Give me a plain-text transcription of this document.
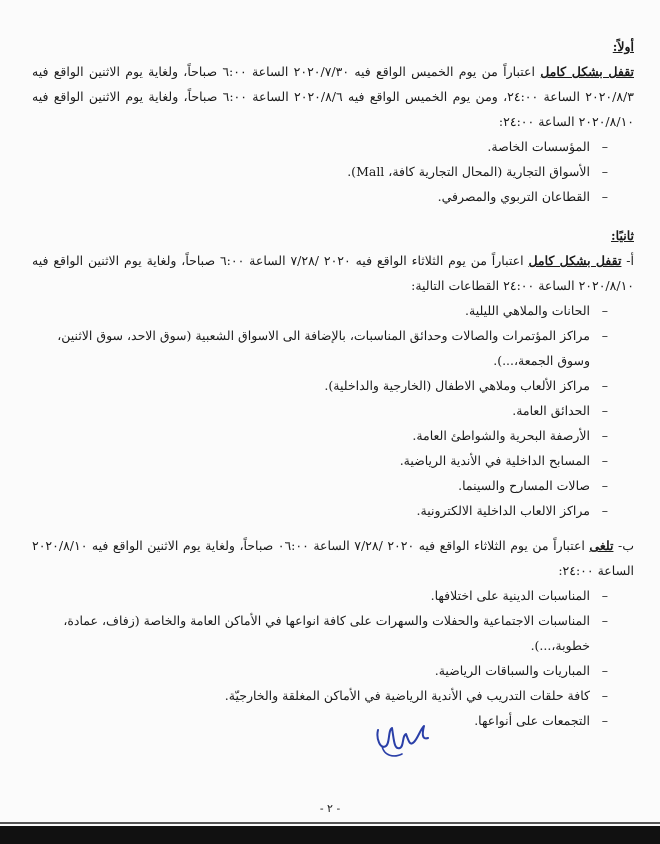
أولاً:
تقفل بشكل كامل اعتباراً من يوم الخميس الواقع فيه ٢٠٢٠/٧/٣٠ الساعة ٦:٠٠ صباحاً، ولغاية يوم الاثنين الواقع فيه ٢٠٢٠/٨/٣ الساعة ٢٤:٠٠، ومن يوم الخميس الواقع فيه ٢٠٢٠/٨/٦ الساعة ٦:٠٠ صباحاً، ولغاية يوم الاثنين الواقع فيه ٢٠٢٠/٨/١٠ الساعة ٢٤:٠٠:
– المؤسسات الخاصة.
– الأسواق التجارية (المحال التجارية كافة، Mall).
– القطاعان التربوي والمصرفي.
ثانيًا:
أ- تقفل بشكل كامل اعتباراً من يوم الثلاثاء الواقع فيه ٢٠٢٠ /٧/٢٨ الساعة ٦:٠٠ صباحاً، ولغاية يوم الاثنين الواقع فيه ٢٠٢٠/٨/١٠ الساعة ٢٤:٠٠ القطاعات التالية:
– الحانات والملاهي الليلية.
– مراكز المؤتمرات والصالات وحدائق المناسبات، بالإضافة الى الاسواق الشعبية (سوق الاحد، سوق الاثنين، وسوق الجمعة،...).
– مراكز الألعاب وملاهي الاطفال (الخارجية والداخلية).
– الحدائق العامة.
– الأرصفة البحرية والشواطئ العامة.
– المسابح الداخلية في الأندية الرياضية.
– صالات المسارح والسينما.
– مراكز الالعاب الداخلية الالكترونية.
ب- تلغى اعتباراً من يوم الثلاثاء الواقع فيه ٢٠٢٠ /٧/٢٨ الساعة ٠٦:٠٠ صباحاً، ولغاية يوم الاثنين الواقع فيه ٢٠٢٠/٨/١٠ الساعة ٢٤:٠٠:
– المناسبات الدينية على اختلافها.
– المناسبات الاجتماعية والحفلات والسهرات على كافة انواعها في الأماكن العامة والخاصة (زفاف، عمادة، خطوبة،...).
– المباريات والسباقات الرياضية.
– كافة حلقات التدريب في الأندية الرياضية في الأماكن المغلقة والخارجيّة.
– التجمعات على أنواعها.
- ٢ -
